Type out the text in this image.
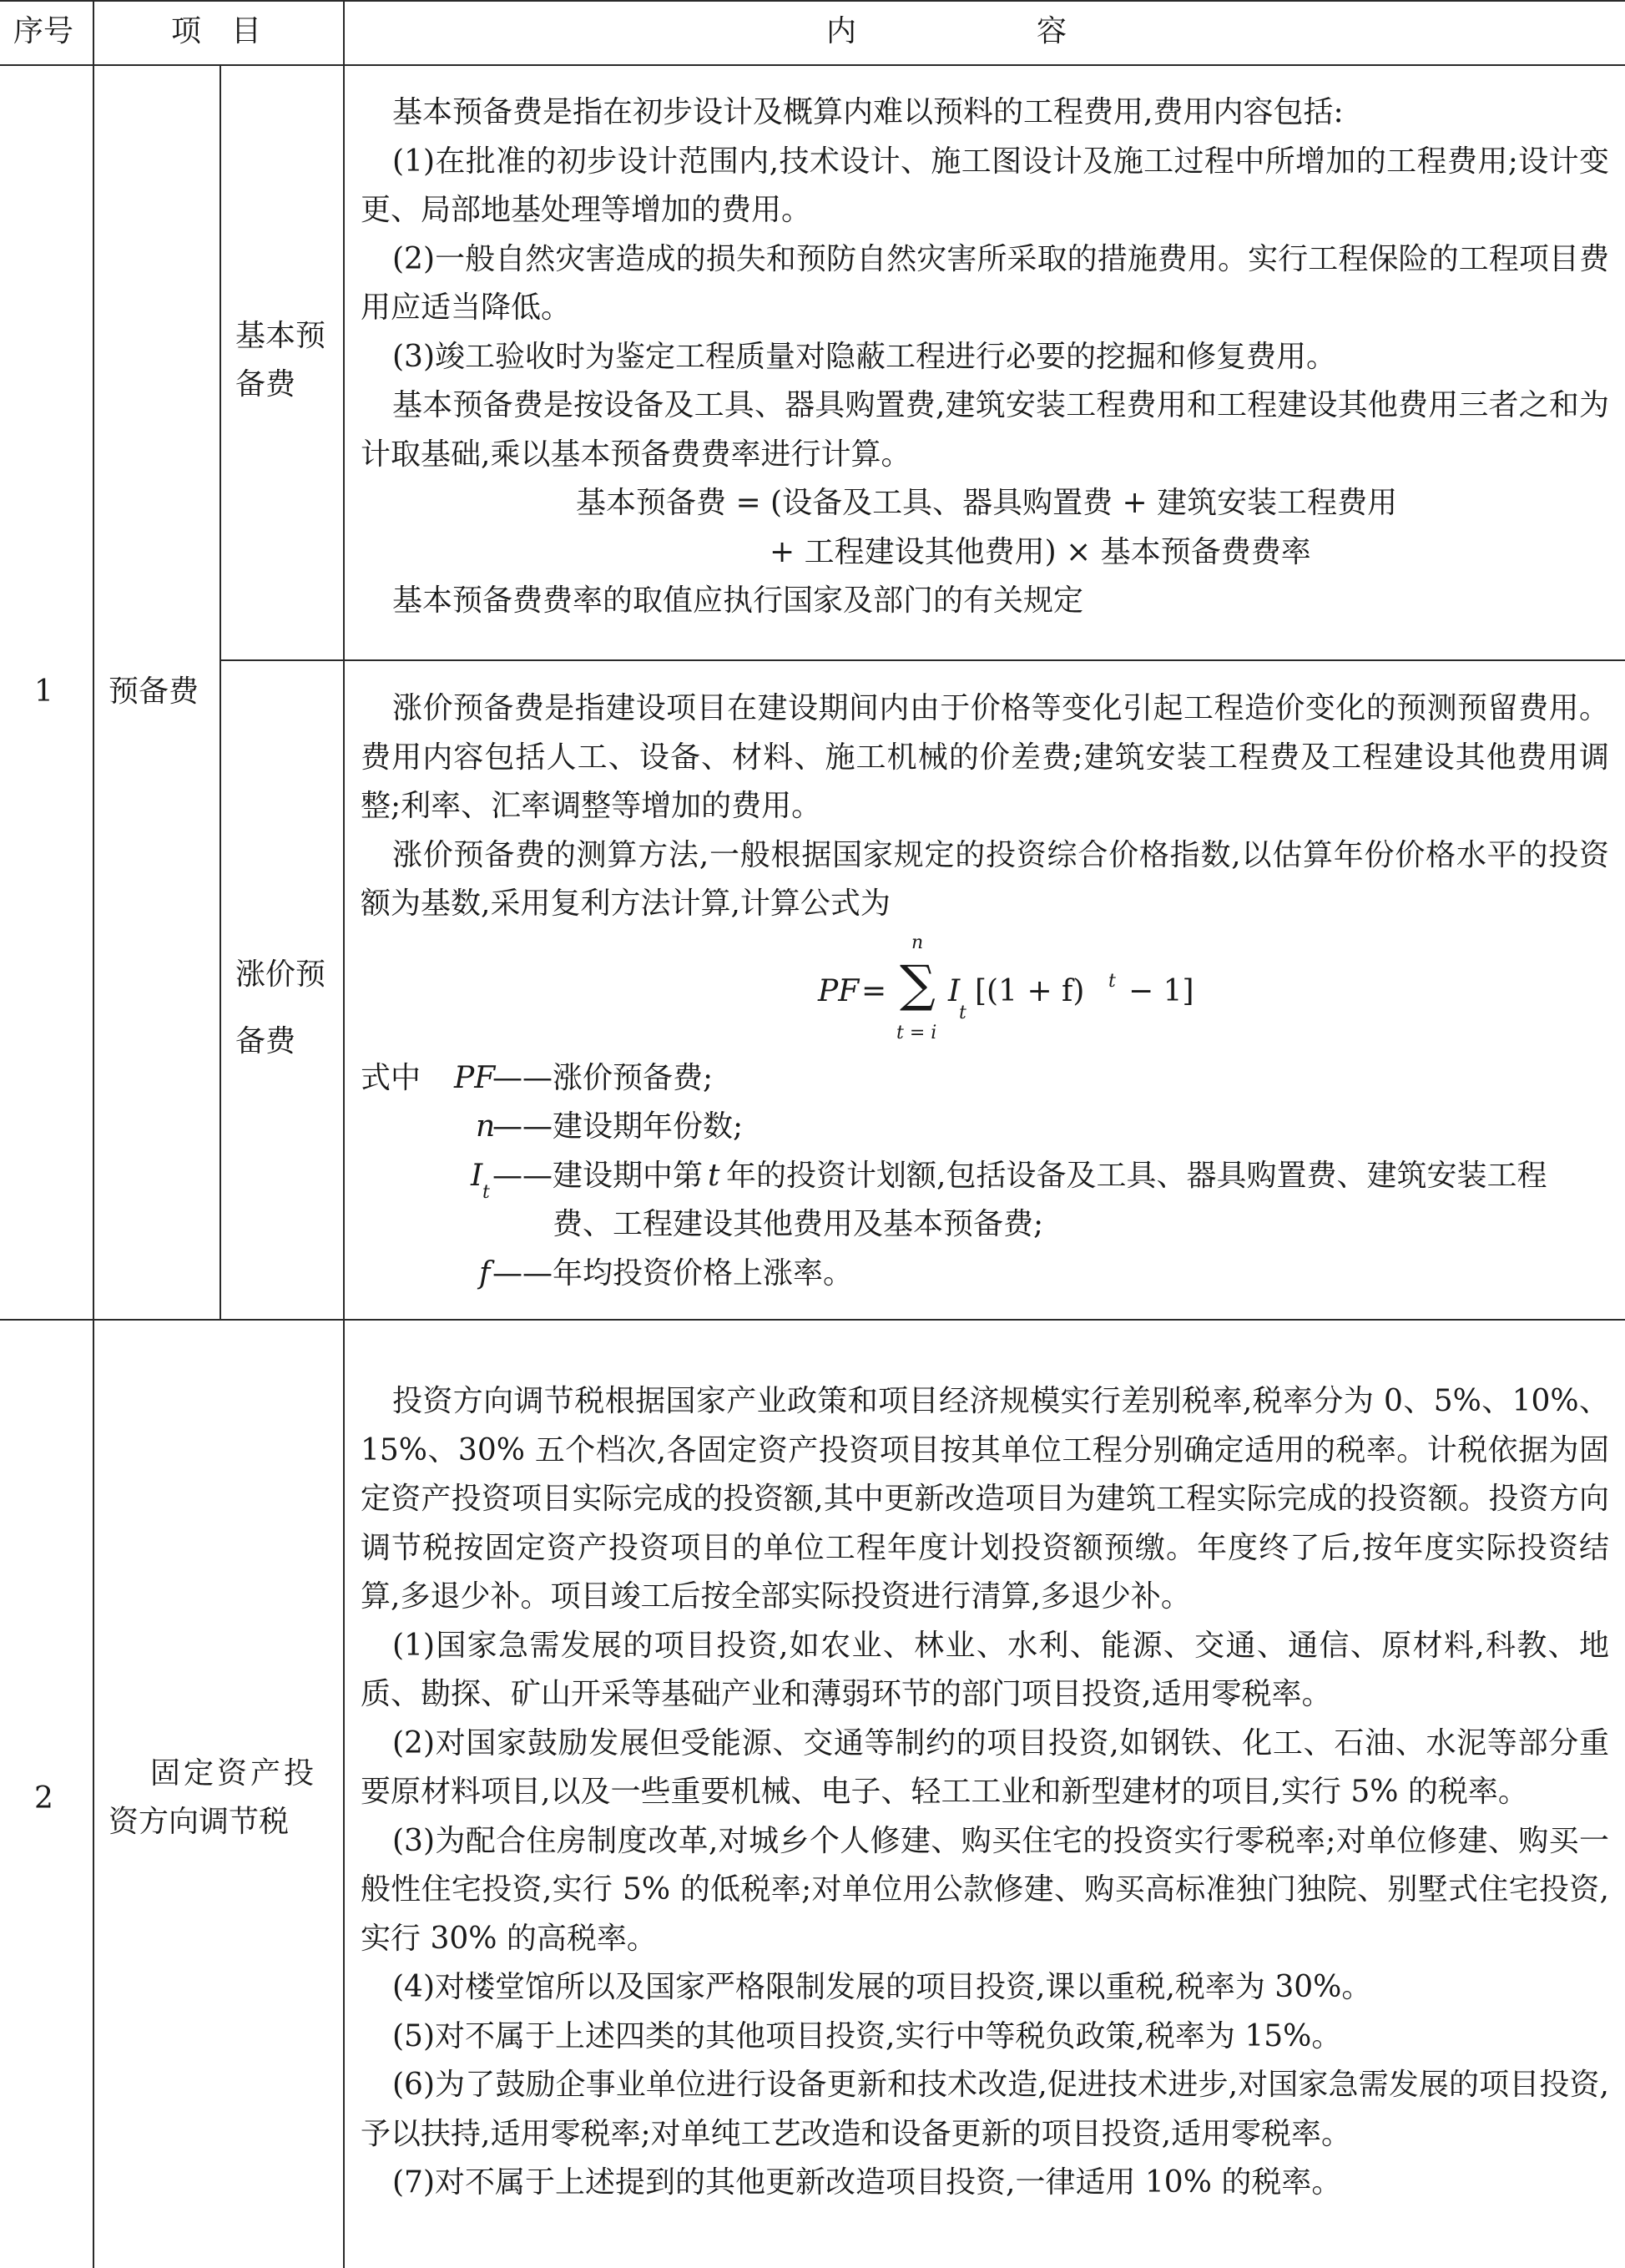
序号	项　目	内　　　　　　容
1 预备费
基本预备费
涨价预备费

基本预备费是指在初步设计及概算内难以预料的工程费用,费用内容包括:

(1)在批准的初步设计范围内,技术设计、施工图设计及施工过程中所增加的工程费用;设计变更、局部地基处理等增加的费用。

(2)一般自然灾害造成的损失和预防自然灾害所采取的措施费用。实行工程保险的工程项目费用应适当降低。

(3)竣工验收时为鉴定工程质量对隐蔽工程进行必要的挖掘和修复费用。

基本预备费是按设备及工具、器具购置费,建筑安装工程费用和工程建设其他费用三者之和为计取基础,乘以基本预备费费率进行计算。

基本预备费 = (设备及工具、器具购置费 + 建筑安装工程费用

+ 工程建设其他费用) × 基本预备费费率

基本预备费费率的取值应执行国家及部门的有关规定

涨价预备费是指建设项目在建设期间内由于价格等变化引起工程造价变化的预测预留费用。费用内容包括人工、设备、材料、施工机械的价差费;建筑安装工程费及工程建设其他费用调整;利率、汇率调整等增加的费用。

涨价预备费的测算方法,一般根据国家规定的投资综合价格指数,以估算年份价格水平的投资额为基数,采用复利方法计算,计算公式为

PF = ∑
n
t = i
I
t
[(1 + f) t − 1]
式中 PF
—— 涨价预备费;
n
—— 建设期年份数;
I t —— 建设期中第 t 年的投资计划额,包括设备及工具、器具购置费、建筑安装工程
费、工程建设其他费用及基本预备费;
f —— 年均投资价格上涨率。
2
固定资产投
资方向调节税

投资方向调节税根据国家产业政策和项目经济规模实行差别税率,税率分为 0、5%、10%、15%、30% 五个档次,各固定资产投资项目按其单位工程分别确定适用的税率。计税依据为固定资产投资项目实际完成的投资额,其中更新改造项目为建筑工程实际完成的投资额。投资方向调节税按固定资产投资项目的单位工程年度计划投资额预缴。年度终了后,按年度实际投资结算,多退少补。项目竣工后按全部实际投资进行清算,多退少补。

(1)国家急需发展的项目投资,如农业、林业、水利、能源、交通、通信、原材料,科教、地质、勘探、矿山开采等基础产业和薄弱环节的部门项目投资,适用零税率。

(2)对国家鼓励发展但受能源、交通等制约的项目投资,如钢铁、化工、石油、水泥等部分重要原材料项目,以及一些重要机械、电子、轻工工业和新型建材的项目,实行 5% 的税率。

(3)为配合住房制度改革,对城乡个人修建、购买住宅的投资实行零税率;对单位修建、购买一般性住宅投资,实行 5% 的低税率;对单位用公款修建、购买高标准独门独院、别墅式住宅投资,实行 30% 的高税率。

(4)对楼堂馆所以及国家严格限制发展的项目投资,课以重税,税率为 30%。

(5)对不属于上述四类的其他项目投资,实行中等税负政策,税率为 15%。

(6)为了鼓励企事业单位进行设备更新和技术改造,促进技术进步,对国家急需发展的项目投资,予以扶持,适用零税率;对单纯工艺改造和设备更新的项目投资,适用零税率。

(7)对不属于上述提到的其他更新改造项目投资,一律适用 10% 的税率。
